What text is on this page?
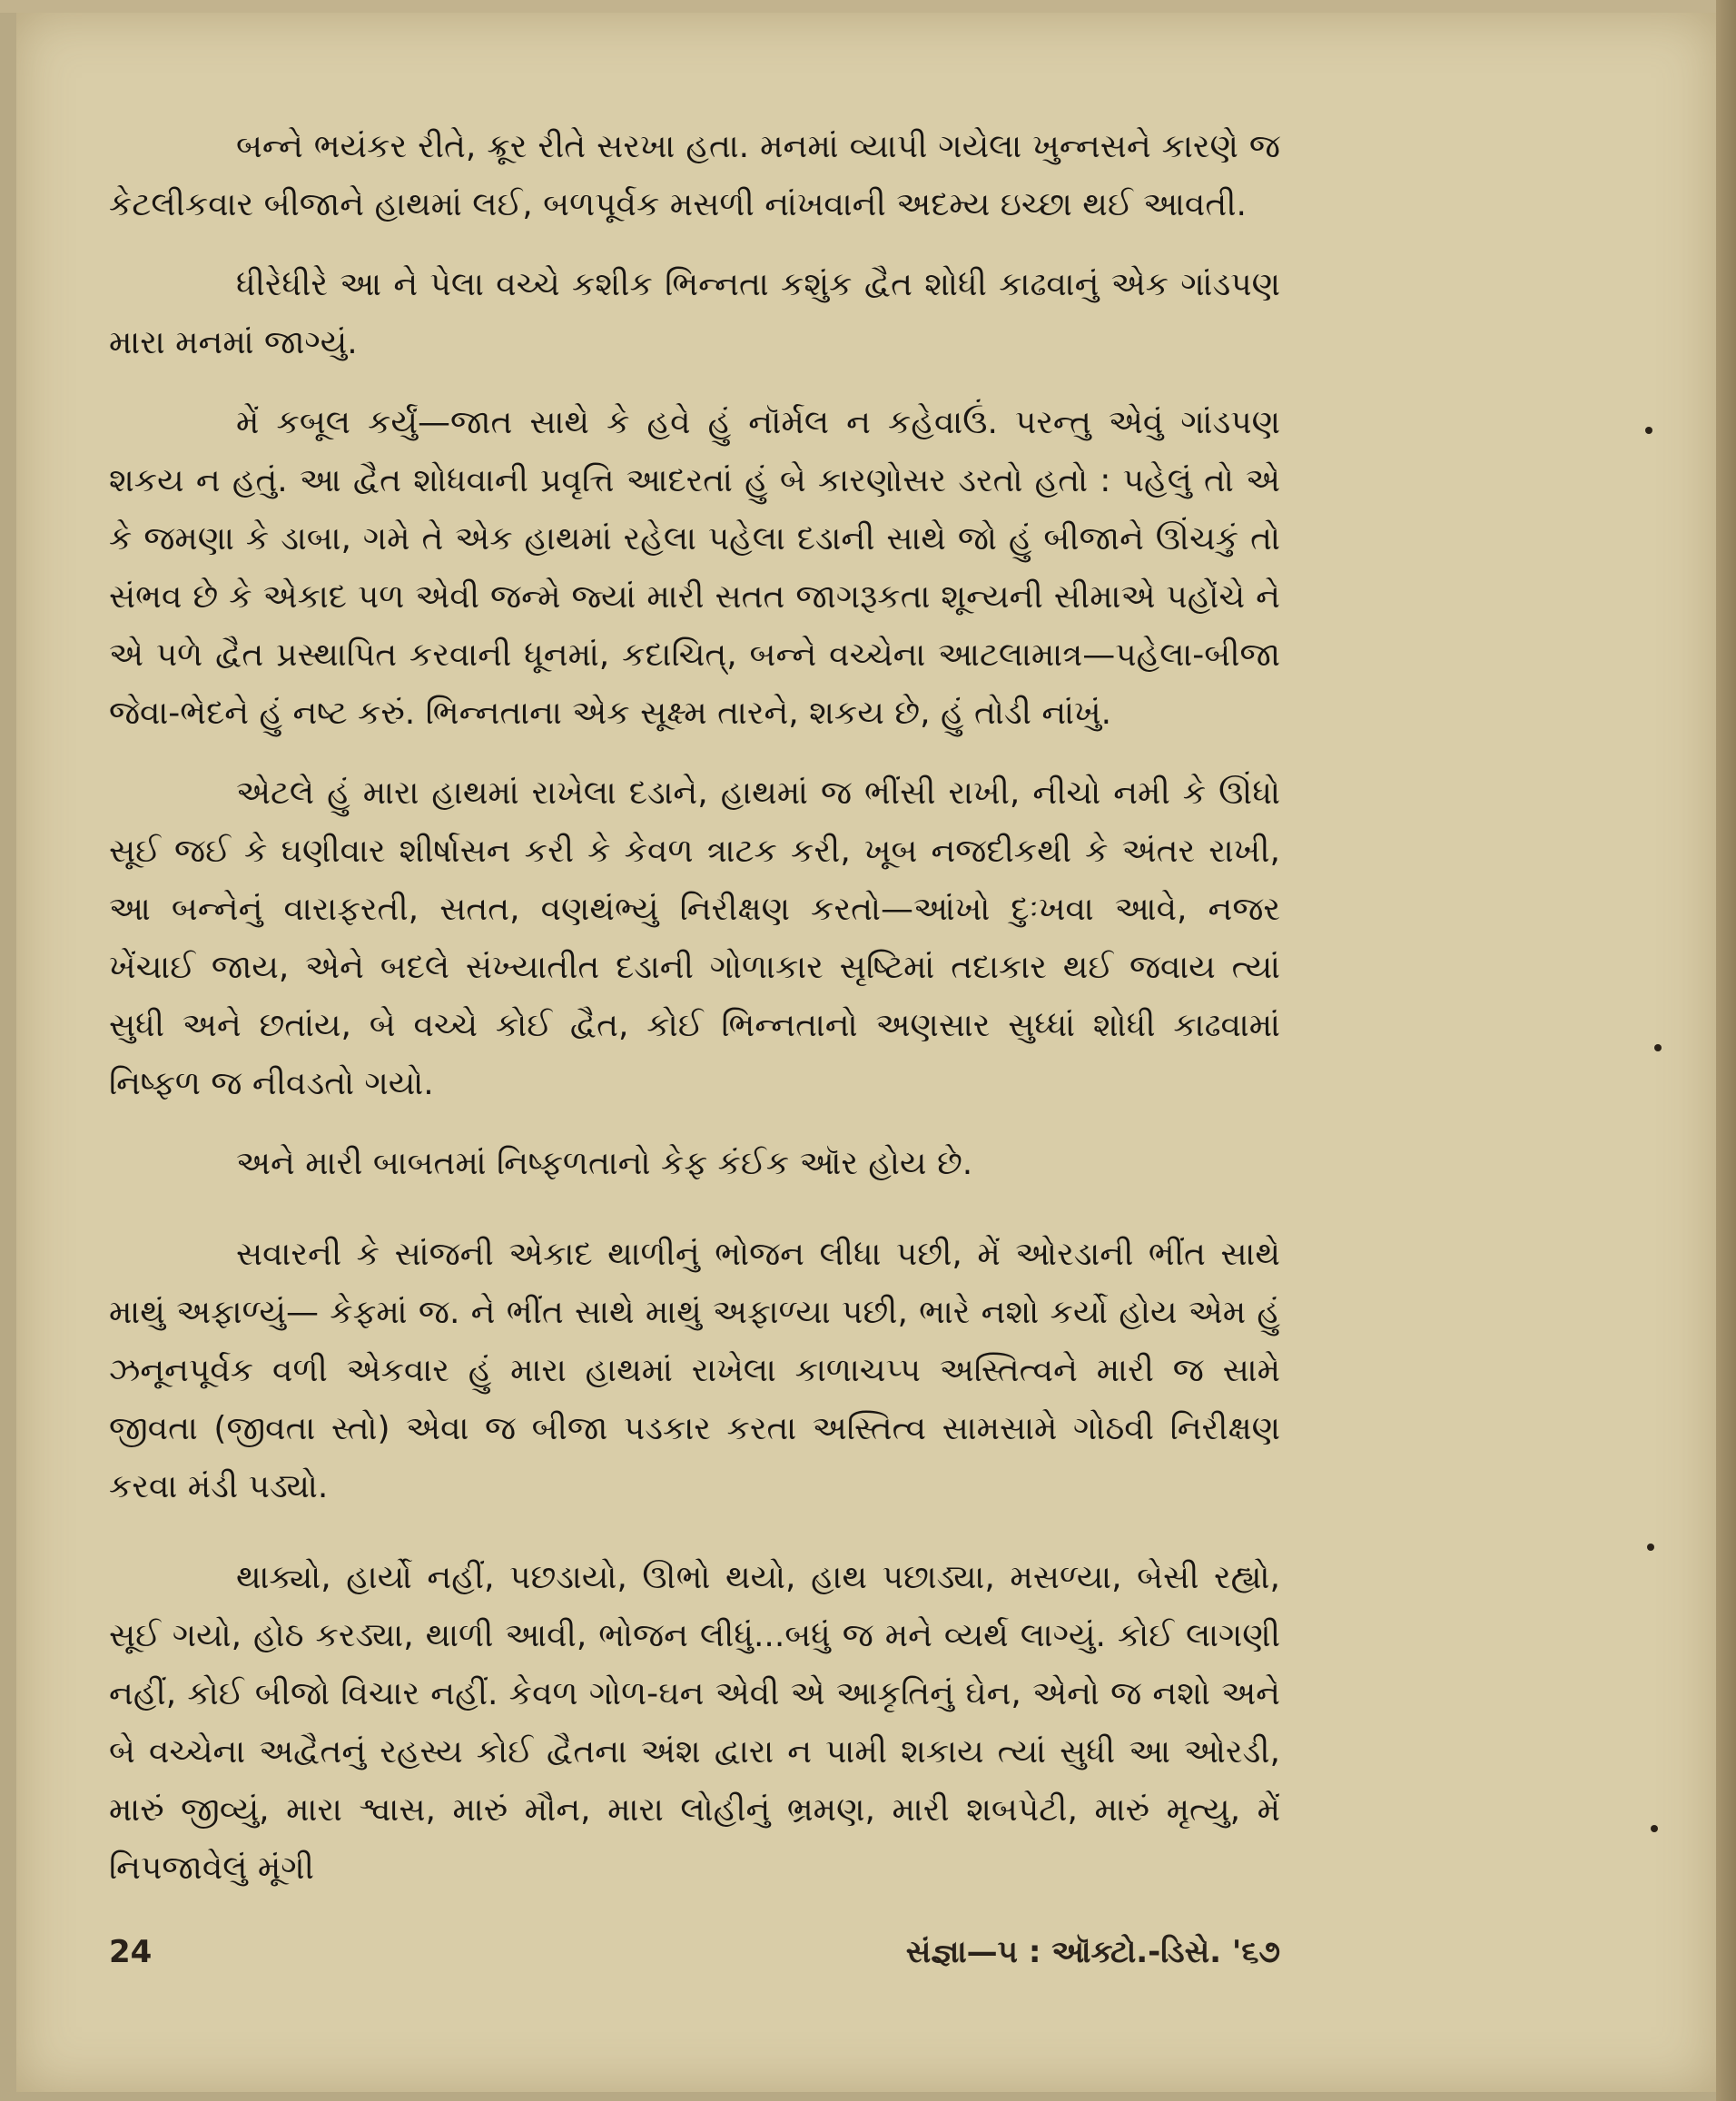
બન્ને ભયંકર રીતે, ક્રૂર રીતે સરખા હતા. મનમાં વ્યાપી ગયેલા ખુન્નસને કારણે જ કેટલીકવાર બીજાને હાથમાં લઈ, બળપૂર્વક મસળી નાંખવાની અદમ્ય ઇચ્છા થઈ આવતી.

ધીરેધીરે આ ને પેલા વચ્ચે કશીક ભિન્નતા કશુંક દ્વૈત શોધી કાઢવાનું એક ગાંડપણ મારા મનમાં જાગ્યું.

મેં કબૂલ કર્યું—જાત સાથે કે હવે હું નૉર્મલ ન કહેવાઉં. પરન્તુ એવું ગાંડપણ શકય ન હતું. આ દ્વૈત શોધવાની પ્રવૃત્તિ આદરતાં હું બે કારણોસર ડરતો હતો : પહેલું તો એ કે જમણા કે ડાબા, ગમે તે એક હાથમાં રહેલા પહેલા દડાની સાથે જો હું બીજાને ઊંચકું તો સંભવ છે કે એકાદ પળ એવી જન્મે જ્યાં મારી સતત જાગરૂકતા શૂન્યની સીમાએ પહોંચે ને એ પળે દ્વૈત પ્રસ્થાપિત કરવાની ધૂનમાં, કદાચિત્, બન્ને વચ્ચેના આટલામાત્ર—પહેલા-બીજા જેવા-ભેદને હું નષ્ટ કરું. ભિન્નતાના એક સૂક્ષ્મ તારને, શકય છે, હું તોડી નાંખું.

એટલે હું મારા હાથમાં રાખેલા દડાને, હાથમાં જ ભીંસી રાખી, નીચો નમી કે ઊંધો સૂઈ જઈ કે ઘણીવાર શીર્ષાસન કરી કે કેવળ ત્રાટક કરી, ખૂબ નજદીકથી કે અંતર રાખી, આ બન્નેનું વારાફરતી, સતત, વણથંભ્યું નિરીક્ષણ કરતો—આંખો દુઃખવા આવે, નજર ખેંચાઈ જાય, એને બદલે સંખ્યાતીત દડાની ગોળાકાર સૃષ્ટિમાં તદાકાર થઈ જવાય ત્યાં સુધી અને છતાંય, બે વચ્ચે કોઈ દ્વૈત, કોઈ ભિન્નતાનો અણસાર સુધ્ધાં શોધી કાઢવામાં નિષ્ફળ જ નીવડતો ગયો.

અને મારી બાબતમાં નિષ્ફળતાનો કેફ કંઈક ઑર હોય છે.

સવારની કે સાંજની એકાદ થાળીનું ભોજન લીધા પછી, મેં ઓરડાની ભીંત સાથે માથું અફાળ્યું— કેફમાં જ. ને ભીંત સાથે માથું અફાળ્યા પછી, ભારે નશો કર્યો હોય એમ હું ઝનૂનપૂર્વક વળી એકવાર હું મારા હાથમાં રાખેલા કાળાચપ્પ અસ્તિત્વને મારી જ સામે જીવતા (જીવતા સ્તો) એવા જ બીજા પડકાર કરતા અસ્તિત્વ સામસામે ગોઠવી નિરીક્ષણ કરવા મંડી પડ્યો.

થાક્યો, હાર્યો નહીં, પછડાયો, ઊભો થયો, હાથ પછાડ્યા, મસળ્યા, બેસી રહ્યો, સૂઈ ગયો, હોઠ કરડ્યા, થાળી આવી, ભોજન લીધું...બધું જ મને વ્યર્થ લાગ્યું. કોઈ લાગણી નહીં, કોઈ બીજો વિચાર નહીં. કેવળ ગોળ-ઘન એવી એ આકૃતિનું ઘેન, એનો જ નશો અને બે વચ્ચેના અદ્વૈતનું રહસ્ય કોઈ દ્વૈતના અંશ દ્વારા ન પામી શકાય ત્યાં સુધી આ ઓરડી, મારું જીવ્યું, મારા શ્વાસ, મારું મૌન, મારા લોહીનું ભ્રમણ, મારી શબપેટી, મારું મૃત્યુ, મેં નિપજાવેલું મૂંગી

24	સંજ્ઞા—૫ : ઑક્ટો.-ડિસે. '૬૭
